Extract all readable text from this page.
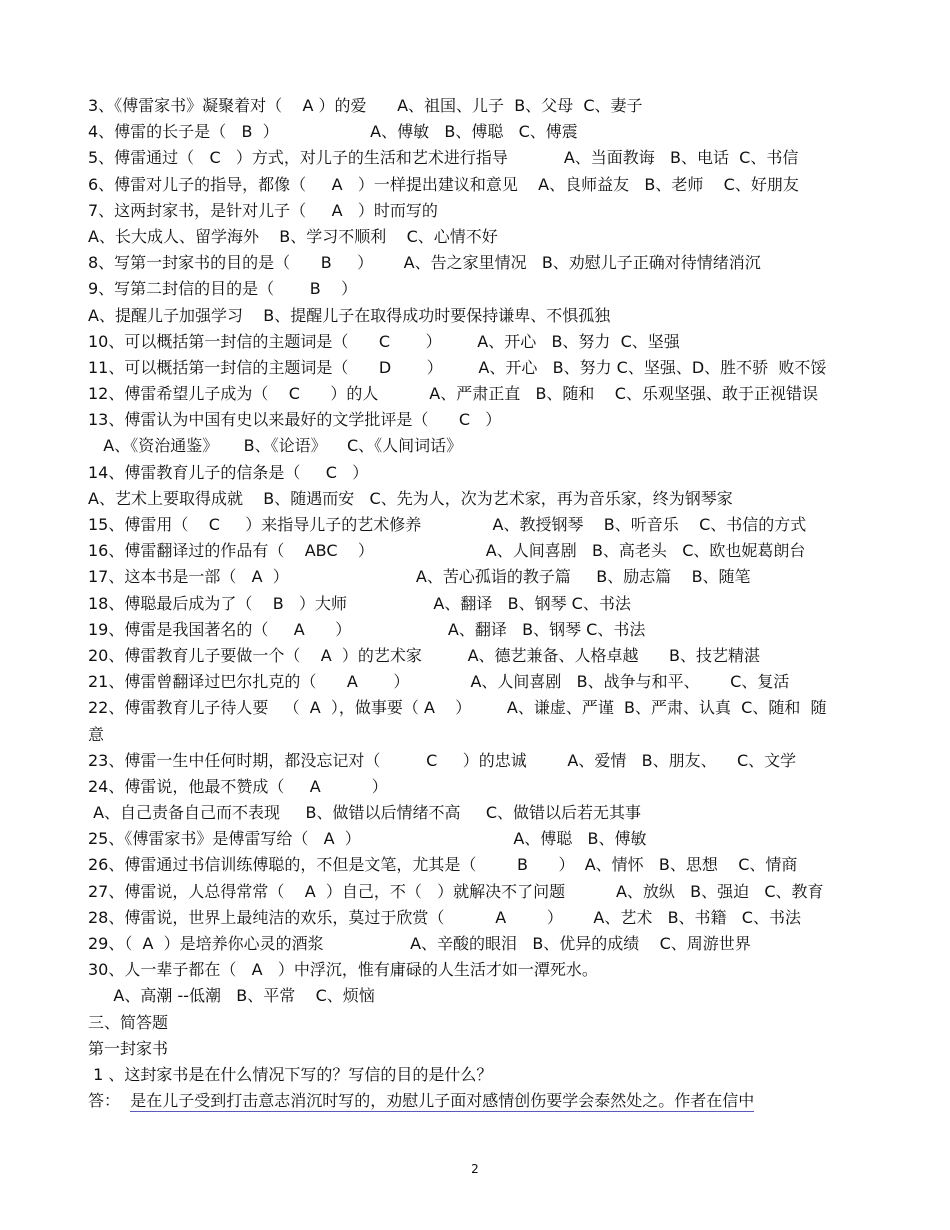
3、《傅雷家书》凝聚着对（    A ）的爱      A、祖国、儿子  B、父母  C、妻子
4、傅雷的长子是（   B  ）                  A、傅敏   B、傅聪   C、傅震
5、傅雷通过（   C   ）方式，对儿子的生活和艺术进行指导           A、当面教诲   B、电话  C、书信
6、傅雷对儿子的指导，都像（     A   ）一样提出建议和意见    A、良师益友   B、老师    C、好朋友
7、这两封家书，是针对儿子（     A   ）时而写的
A、长大成人、留学海外    B、学习不顺利    C、心情不好
8、写第一封家书的目的是（      B     ）      A、告之家里情况   B、劝慰儿子正确对待情绪消沉
9、写第二封信的目的是（       B    ）
A、提醒儿子加强学习    B、提醒儿子在取得成功时要保持谦卑、不惧孤独
10、可以概括第一封信的主题词是（      C       ）       A、开心   B、努力  C、坚强
11、可以概括第一封信的主题词是（      D       ）       A、开心   B、努力 C、坚强、D、胜不骄  败不馁
12、傅雷希望儿子成为（    C      ）的人          A、严肃正直   B、随和    C、乐观坚强、敢于正视错误
13、傅雷认为中国有史以来最好的文学批评是（      C   ）
A、《资治通鉴》     B、《论语》    C、《人间词话》
14、傅雷教育儿子的信条是（     C   ）
A、艺术上要取得成就    B、随遇而安   C、先为人，次为艺术家，再为音乐家，终为钢琴家
15、傅雷用（    C     ）来指导儿子的艺术修养              A、教授钢琴    B、听音乐    C、书信的方式
16、傅雷翻译过的作品有（    ABC    ）                      A、人间喜剧   B、高老头   C、欧也妮葛朗台
17、这本书是一部（   A  ）                         A、苦心孤诣的教子篇     B、励志篇    B、随笔
18、傅聪最后成为了（    B   ）大师                 A、翻译   B、钢琴 C、书法
19、傅雷是我国著名的（     A      ）                   A、翻译   B、钢琴 C、书法
20、傅雷教育儿子要做一个（    A  ）的艺术家         A、德艺兼备、人格卓越      B、技艺精湛
21、傅雷曾翻译过巴尔扎克的（      A       ）            A、人间喜剧   B、战争与和平、      C、复活
22、傅雷教育儿子待人要   （  A  ），做事要（ A    ）       A、谦虚、严谨  B、严肃、认真  C、随和  随
意
23、傅雷一生中任何时期，都没忘记对（         C     ）的忠诚        A、爱情   B、朋友、    C、文学
24、傅雷说，他最不赞成（     A          ）
A、自己责备自己而不表现     B、做错以后情绪不高     C、做错以后若无其事
25、《傅雷家书》是傅雷写给（   A  ）                              A、傅聪   B、傅敏
26、傅雷通过书信训练傅聪的，不但是文笔，尤其是（        B      ）  A、情怀   B、思想    C、情商
27、傅雷说，人总得常常（    A  ）自己，不（   ）就解决不了问题          A、放纵   B、强迫   C、教育
28、傅雷说，世界上最纯洁的欢乐，莫过于欣赏（          A        ）      A、艺术   B、书籍   C、书法
29、（  A  ）是培养你心灵的酒浆                 A、辛酸的眼泪   B、优异的成绩    C、周游世界
30、人一辈子都在（   A   ）中浮沉，惟有庸碌的人生活才如一潭死水。
A、高潮 --低潮   B、平常    C、烦恼
三、简答题
第一封家书
1 、这封家书是在什么情况下写的？写信的目的是什么？
答：  是在儿子受到打击意志消沉时写的，劝慰儿子面对感情创伤要学会泰然处之。作者在信中
2
